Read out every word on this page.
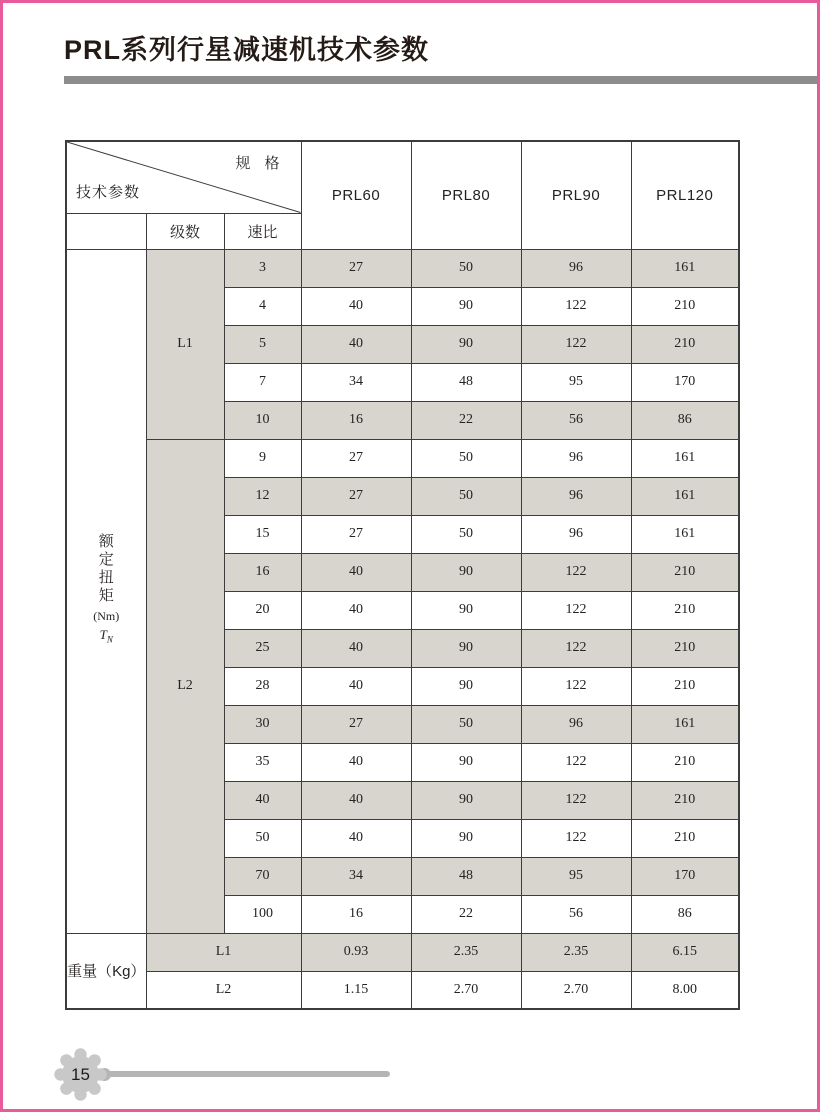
PRL系列行星减速机技术参数
规 格
技术参数			PRL60	PRL80	PRL90	PRL120
	级数	速比				

额
定
扭
矩
(Nm)
$T_N$
	L1	3	27	50	96	161
		4	40	90	122	210
		5	40	90	122	210
		7	34	48	95	170
		10	16	22	56	86
	L2	9	27	50	96	161
		12	27	50	96	161
		15	27	50	96	161
		16	40	90	122	210
		20	40	90	122	210
		25	40	90	122	210
		28	40	90	122	210
		30	27	50	96	161
		35	40	90	122	210
		40	40	90	122	210
		50	40	90	122	210
		70	34	48	95	170
		100	16	22	56	86
重量（Kg）	L1		0.93	2.35	2.35	6.15
	L2		1.15	2.70	2.70	8.00
15
